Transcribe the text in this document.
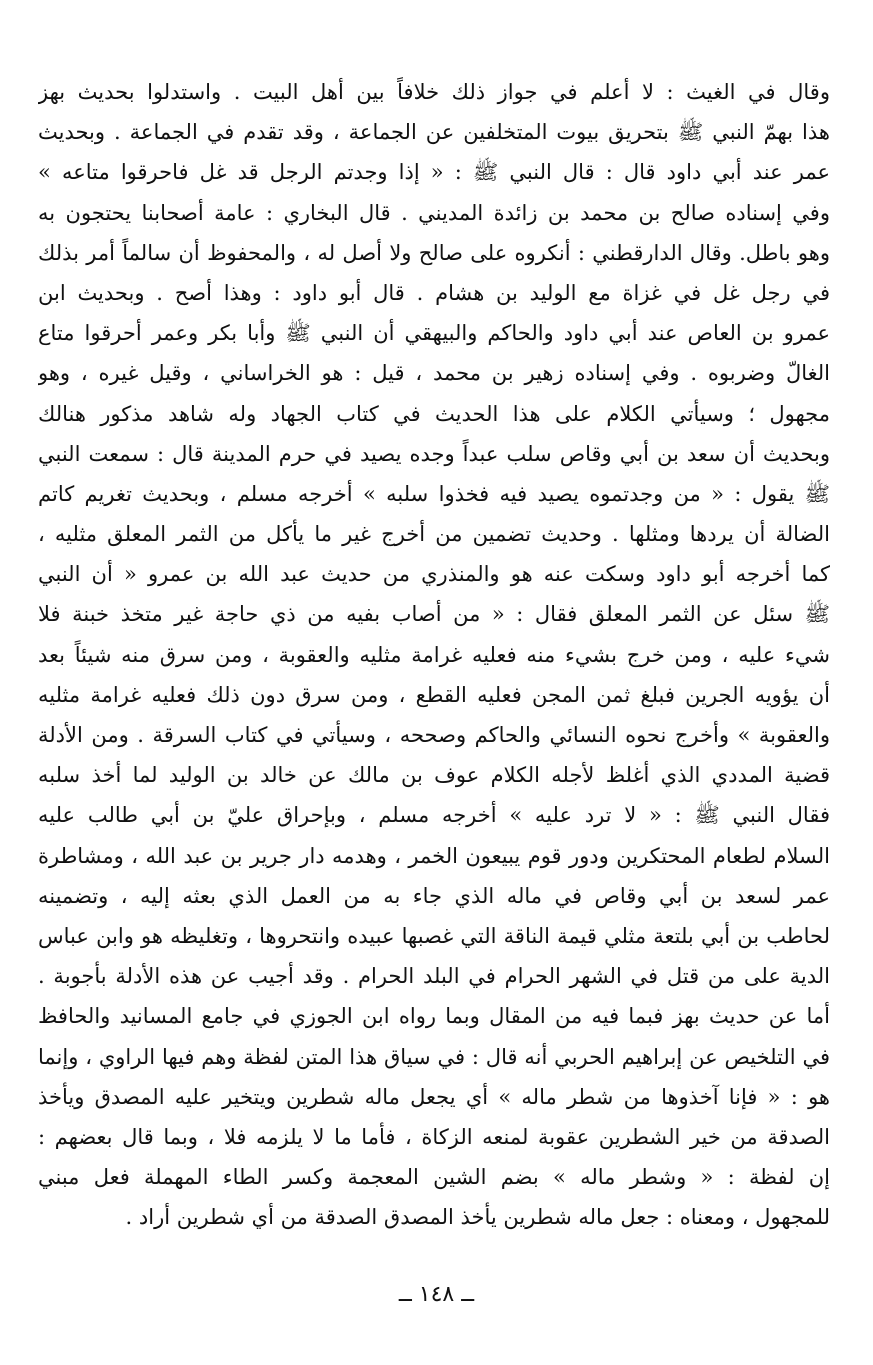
وقال في الغيث : لا أعلم في جواز ذلك خلافاً بين أهل البيت . واستدلوا بحديث بهز
هذا بهمّ النبي ﷺ بتحريق بيوت المتخلفين عن الجماعة ، وقد تقدم في الجماعة . وبحديث
عمر عند أبي داود قال : قال النبي ﷺ : « إذا وجدتم الرجل قد غل فاحرقوا متاعه »
وفي إسناده صالح بن محمد بن زائدة المديني . قال البخاري : عامة أصحابنا يحتجون به
وهو باطل. وقال الدارقطني : أنكروه على صالح ولا أصل له ، والمحفوظ أن سالماً أمر بذلك
في رجل غل في غزاة مع الوليد بن هشام . قال أبو داود : وهذا أصح . وبحديث ابن
عمرو بن العاص عند أبي داود والحاكم والبيهقي أن النبي ﷺ وأبا بكر وعمر أحرقوا متاع
الغالّ وضربوه . وفي إسناده زهير بن محمد ، قيل : هو الخراساني ، وقيل غيره ، وهو
مجهول ؛ وسيأتي الكلام على هذا الحديث في كتاب الجهاد وله شاهد مذكور هنالك
وبحديث أن سعد بن أبي وقاص سلب عبداً وجده يصيد في حرم المدينة قال : سمعت النبي
ﷺ يقول : « من وجدتموه يصيد فيه فخذوا سلبه » أخرجه مسلم ، وبحديث تغريم كاتم
الضالة أن يردها ومثلها . وحديث تضمين من أخرج غير ما يأكل من الثمر المعلق مثليه ،
كما أخرجه أبو داود وسكت عنه هو والمنذري من حديث عبد الله بن عمرو « أن النبي
ﷺ سئل عن الثمر المعلق فقال : « من أصاب بفيه من ذي حاجة غير متخذ خبنة فلا
شيء عليه ، ومن خرج بشيء منه فعليه غرامة مثليه والعقوبة ، ومن سرق منه شيئاً بعد
أن يؤويه الجرين فبلغ ثمن المجن فعليه القطع ، ومن سرق دون ذلك فعليه غرامة مثليه
والعقوبة » وأخرج نحوه النسائي والحاكم وصححه ، وسيأتي في كتاب السرقة . ومن الأدلة
قضية المددي الذي أغلظ لأجله الكلام عوف بن مالك عن خالد بن الوليد لما أخذ سلبه
فقال النبي ﷺ : « لا ترد عليه » أخرجه مسلم ، وبإحراق عليّ بن أبي طالب عليه
السلام لطعام المحتكرين ودور قوم يبيعون الخمر ، وهدمه دار جرير بن عبد الله ، ومشاطرة
عمر لسعد بن أبي وقاص في ماله الذي جاء به من العمل الذي بعثه إليه ، وتضمينه
لحاطب بن أبي بلتعة مثلي قيمة الناقة التي غصبها عبيده وانتحروها ، وتغليظه هو وابن عباس
الدية على من قتل في الشهر الحرام في البلد الحرام . وقد أجيب عن هذه الأدلة بأجوبة .
أما عن حديث بهز فبما فيه من المقال وبما رواه ابن الجوزي في جامع المسانيد والحافظ
في التلخيص عن إبراهيم الحربي أنه قال : في سياق هذا المتن لفظة وهم فيها الراوي ، وإنما
هو : « فإنا آخذوها من شطر ماله » أي يجعل ماله شطرين ويتخير عليه المصدق ويأخذ
الصدقة من خير الشطرين عقوبة لمنعه الزكاة ، فأما ما لا يلزمه فلا ، وبما قال بعضهم :
إن لفظة : « وشطر ماله » بضم الشين المعجمة وكسر الطاء المهملة فعل مبني
للمجهول ، ومعناه : جعل ماله شطرين يأخذ المصدق الصدقة من أي شطرين أراد .
ــ ١٤٨ ــ
